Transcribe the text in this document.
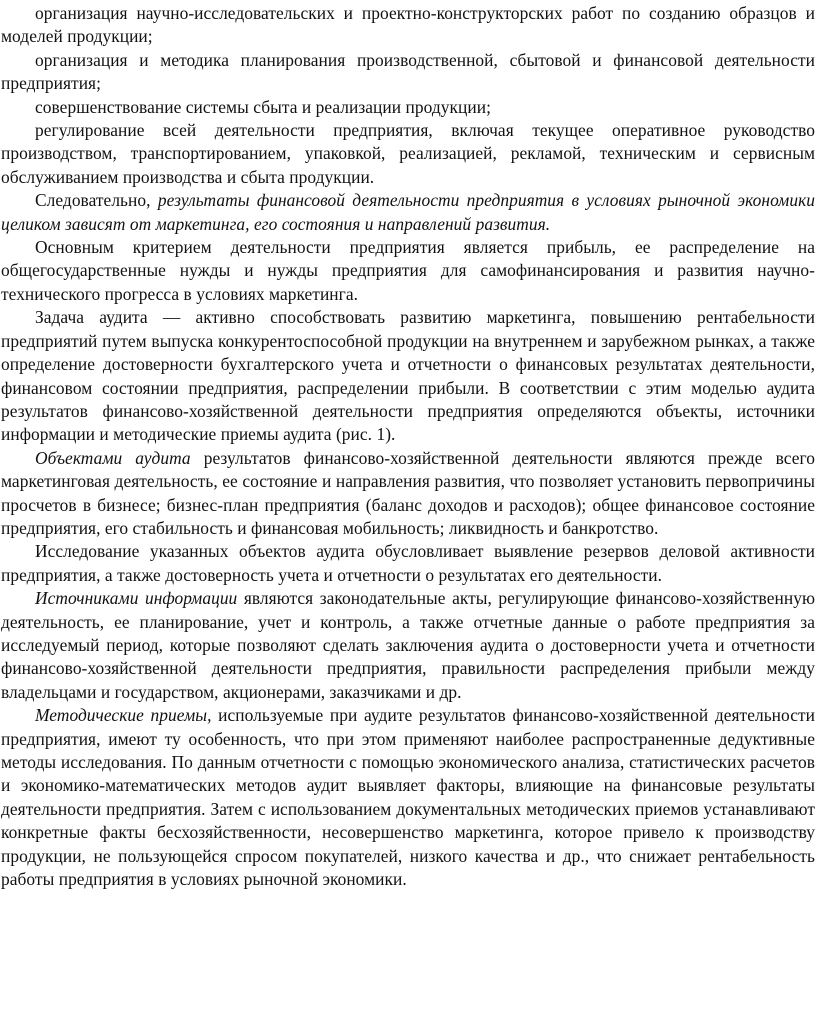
организация научно-исследовательских и проектно-конструкторских работ по созданию образцов и моделей продукции;

организация и методика планирования производственной, сбытовой и финансовой деятельности предприятия;

совершенствование системы сбыта и реализации продукции;

регулирование всей деятельности предприятия, включая текущее оперативное руководство производством, транспортированием, упаковкой, реализацией, рекламой, техническим и сервисным обслуживанием производства и сбыта продукции.

Следовательно, результаты финансовой деятельности предприятия в условиях рыночной экономики целиком зависят от маркетинга, его состояния и направлений развития.

Основным критерием деятельности предприятия является прибыль, ее распределение на общегосударственные нужды и нужды предприятия для самофинансирования и развития научно-технического прогресса в условиях маркетинга.

Задача аудита — активно способствовать развитию маркетинга, повышению рентабельности предприятий путем выпуска конкурентоспособной продукции на внутреннем и зарубежном рынках, а также определение достоверности бухгалтерского учета и отчетности о финансовых результатах деятельности, финансовом состоянии предприятия, распределении прибыли. В соответствии с этим моделью аудита результатов финансово-хозяйственной деятельности предприятия определяются объекты, источники информации и методические приемы аудита (рис. 1).

Объектами аудита результатов финансово-хозяйственной деятельности являются прежде всего маркетинговая деятельность, ее состояние и направления развития, что позволяет установить первопричины просчетов в бизнесе; бизнес-план предприятия (баланс доходов и расходов); общее финансовое состояние предприятия, его стабильность и финансовая мобильность; ликвидность и банкротство.

Исследование указанных объектов аудита обусловливает выявление резервов деловой активности предприятия, а также достоверность учета и отчетности о результатах его деятельности.

Источниками информации являются законодательные акты, регулирующие финансово-хозяйственную деятельность, ее планирование, учет и контроль, а также отчетные данные о работе предприятия за исследуемый период, которые позволяют сделать заключения аудита о достоверности учета и отчетности финансово-хозяйственной деятельности предприятия, правильности распределения прибыли между владельцами и государством, акционерами, заказчиками и др.

Методические приемы, используемые при аудите результатов финансово-хозяйственной деятельности предприятия, имеют ту особенность, что при этом применяют наиболее распространенные дедуктивные методы исследования. По данным отчетности с помощью экономического анализа, статистических расчетов и экономико-математических методов аудит выявляет факторы, влияющие на финансовые результаты деятельности предприятия. Затем с использованием документальных методических приемов устанавливают конкретные факты бесхозяйственности, несовершенство маркетинга, которое привело к производству продукции, не пользующейся спросом покупателей, низкого качества и др., что снижает рентабельность работы предприятия в условиях рыночной экономики.
